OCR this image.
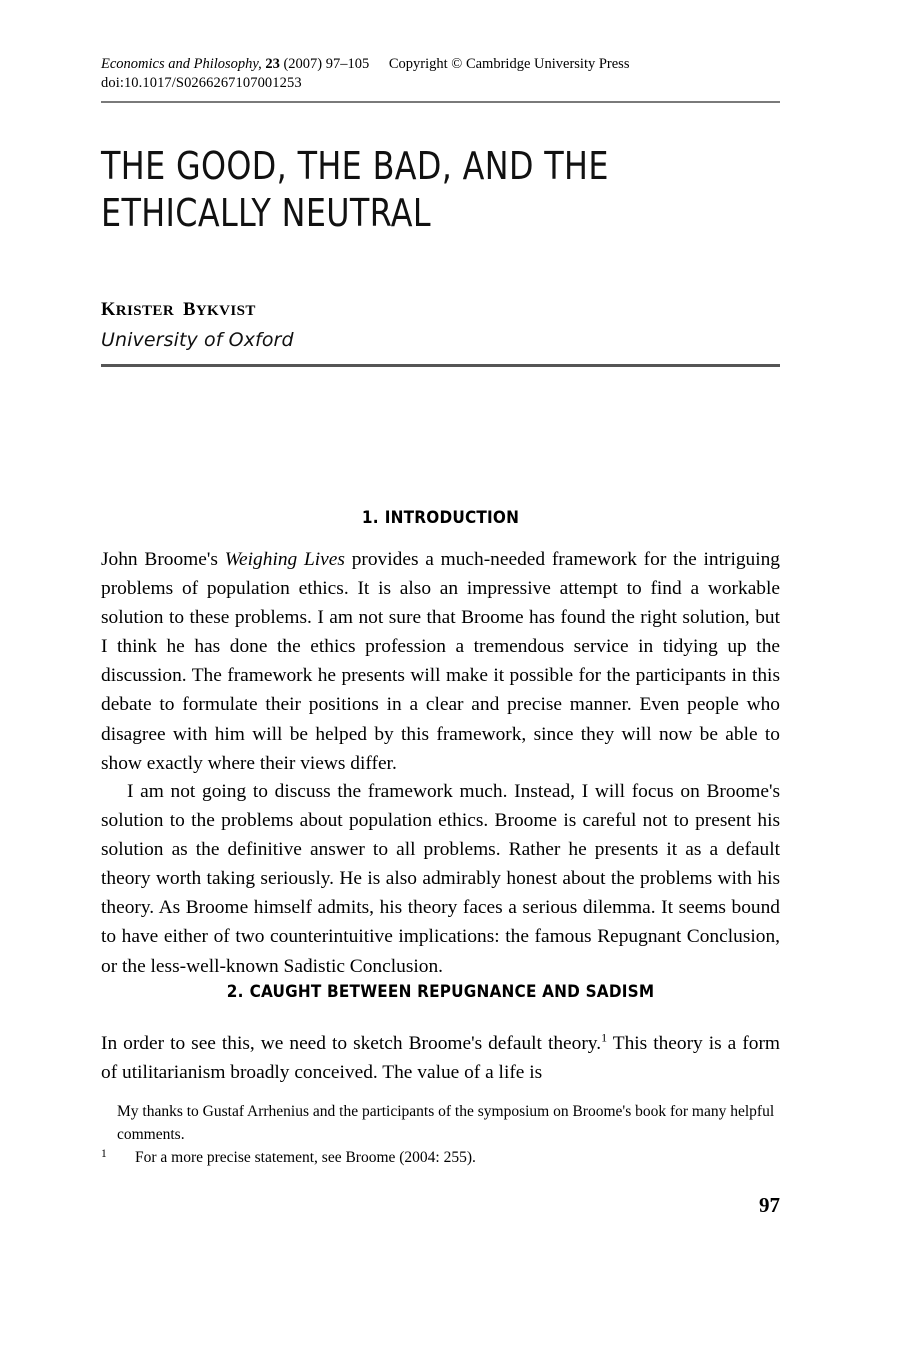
Economics and Philosophy, 23 (2007) 97–105 Copyright © Cambridge University Press
doi:10.1017/S0266267107001253
THE GOOD, THE BAD, AND THE
ETHICALLY NEUTRAL
KRISTER BYKVIST
University of Oxford
1. INTRODUCTION

John Broome's Weighing Lives provides a much-needed framework for the intriguing problems of population ethics. It is also an impressive attempt to find a workable solution to these problems. I am not sure that Broome has found the right solution, but I think he has done the ethics profession a tremendous service in tidying up the discussion. The framework he presents will make it possible for the participants in this debate to formulate their positions in a clear and precise manner. Even people who disagree with him will be helped by this framework, since they will now be able to show exactly where their views differ.

I am not going to discuss the framework much. Instead, I will focus on Broome's solution to the problems about population ethics. Broome is careful not to present his solution as the definitive answer to all problems. Rather he presents it as a default theory worth taking seriously. He is also admirably honest about the problems with his theory. As Broome himself admits, his theory faces a serious dilemma. It seems bound to have either of two counterintuitive implications: the famous Repugnant Conclusion, or the less-well-known Sadistic Conclusion.

2. CAUGHT BETWEEN REPUGNANCE AND SADISM

In order to see this, we need to sketch Broome's default theory.$^1$ This theory is a form of utilitarianism broadly conceived. The value of a life is

My thanks to Gustaf Arrhenius and the participants of the symposium on Broome's book for many helpful comments.
1 For a more precise statement, see Broome (2004: 255).
97
